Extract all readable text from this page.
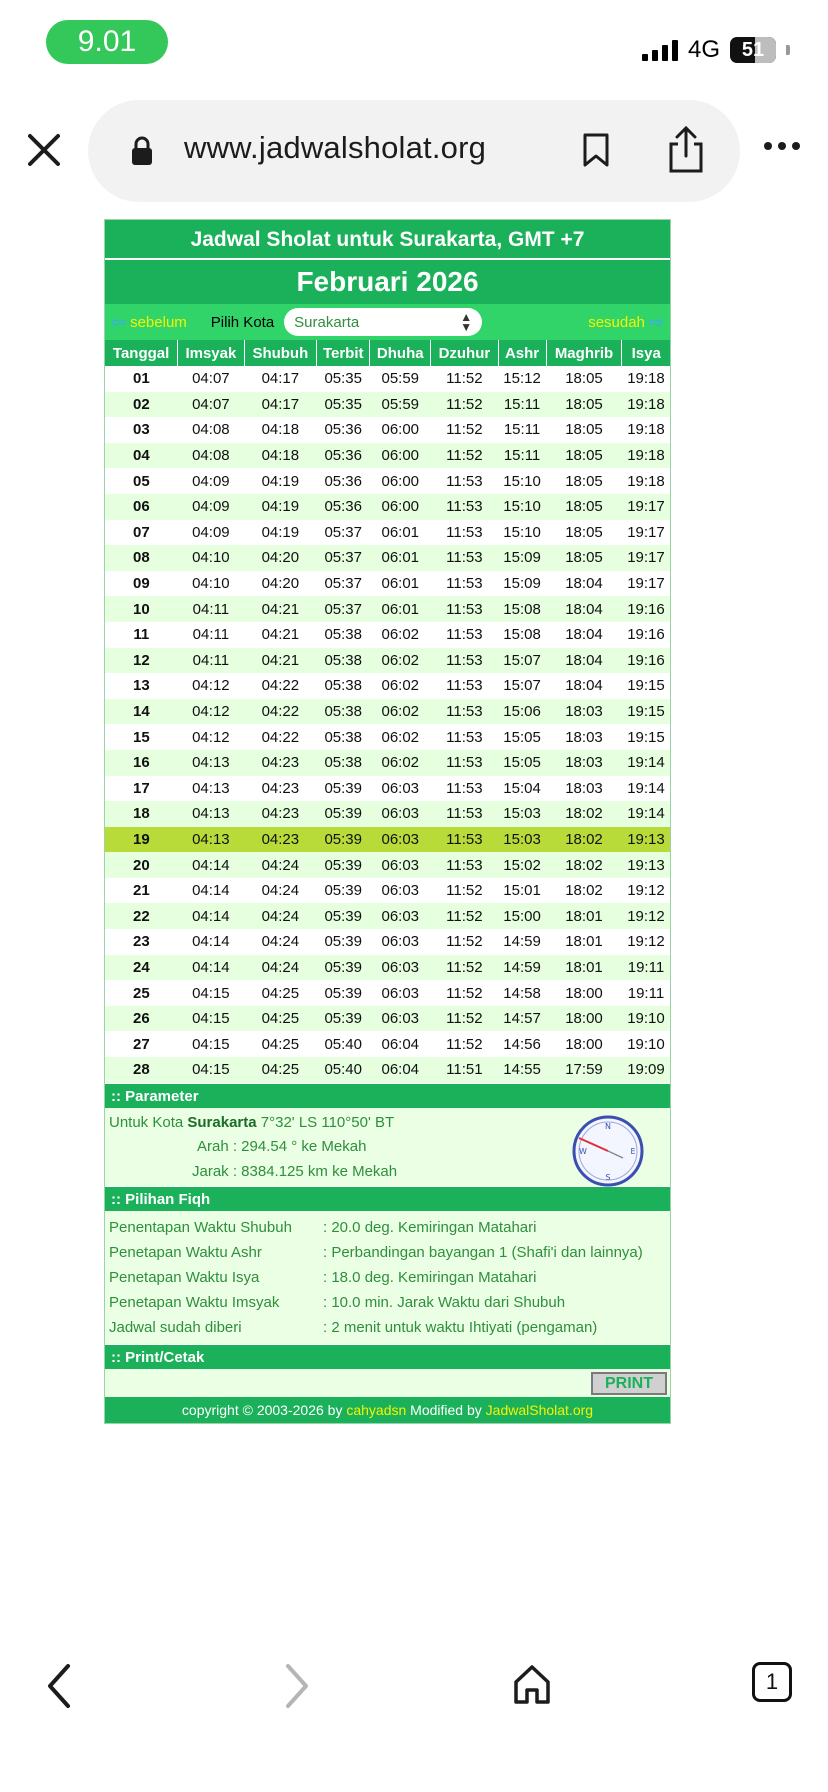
9.01	4G 51
www.jadwalsholat.org
Jadwal Sholat untuk Surakarta, GMT +7
Februari 2026
⇦ sebelum Pilih Kota Surakarta	▲
▼	sesudah ⇨
Tanggal	Imsyak	Shubuh	Terbit	Dhuha	Dzuhur	Ashr	Maghrib	Isya
01	04:07	04:17	05:35	05:59	11:52	15:12	18:05	19:18
02	04:07	04:17	05:35	05:59	11:52	15:11	18:05	19:18
03	04:08	04:18	05:36	06:00	11:52	15:11	18:05	19:18
04	04:08	04:18	05:36	06:00	11:52	15:11	18:05	19:18
05	04:09	04:19	05:36	06:00	11:53	15:10	18:05	19:18
06	04:09	04:19	05:36	06:00	11:53	15:10	18:05	19:17
07	04:09	04:19	05:37	06:01	11:53	15:10	18:05	19:17
08	04:10	04:20	05:37	06:01	11:53	15:09	18:05	19:17
09	04:10	04:20	05:37	06:01	11:53	15:09	18:04	19:17
10	04:11	04:21	05:37	06:01	11:53	15:08	18:04	19:16
11	04:11	04:21	05:38	06:02	11:53	15:08	18:04	19:16
12	04:11	04:21	05:38	06:02	11:53	15:07	18:04	19:16
13	04:12	04:22	05:38	06:02	11:53	15:07	18:04	19:15
14	04:12	04:22	05:38	06:02	11:53	15:06	18:03	19:15
15	04:12	04:22	05:38	06:02	11:53	15:05	18:03	19:15
16	04:13	04:23	05:38	06:02	11:53	15:05	18:03	19:14
17	04:13	04:23	05:39	06:03	11:53	15:04	18:03	19:14
18	04:13	04:23	05:39	06:03	11:53	15:03	18:02	19:14
19	04:13	04:23	05:39	06:03	11:53	15:03	18:02	19:13
20	04:14	04:24	05:39	06:03	11:53	15:02	18:02	19:13
21	04:14	04:24	05:39	06:03	11:52	15:01	18:02	19:12
22	04:14	04:24	05:39	06:03	11:52	15:00	18:01	19:12
23	04:14	04:24	05:39	06:03	11:52	14:59	18:01	19:12
24	04:14	04:24	05:39	06:03	11:52	14:59	18:01	19:11
25	04:15	04:25	05:39	06:03	11:52	14:58	18:00	19:11
26	04:15	04:25	05:39	06:03	11:52	14:57	18:00	19:10
27	04:15	04:25	05:40	06:04	11:52	14:56	18:00	19:10
28	04:15	04:25	05:40	06:04	11:51	14:55	17:59	19:09
:: Parameter
Untuk Kota Surakarta 7°32' LS 110°50' BT
Arah : 294.54 ° ke Mekah
Jarak : 8384.125 km ke Mekah
N
S
W	E
:: Pilihan Fiqh
Penentapan Waktu Shubuh	: 20.0 deg. Kemiringan Matahari
Penetapan Waktu Ashr	: Perbandingan bayangan 1 (Shafi'i dan lainnya)
Penetapan Waktu Isya	: 18.0 deg. Kemiringan Matahari
Penetapan Waktu Imsyak	: 10.0 min. Jarak Waktu dari Shubuh
Jadwal sudah diberi	: 2 menit untuk waktu Ihtiyati (pengaman)
:: Print/Cetak
PRINT
copyright © 2003-2026 by cahyadsn Modified by JadwalSholat.org
1
